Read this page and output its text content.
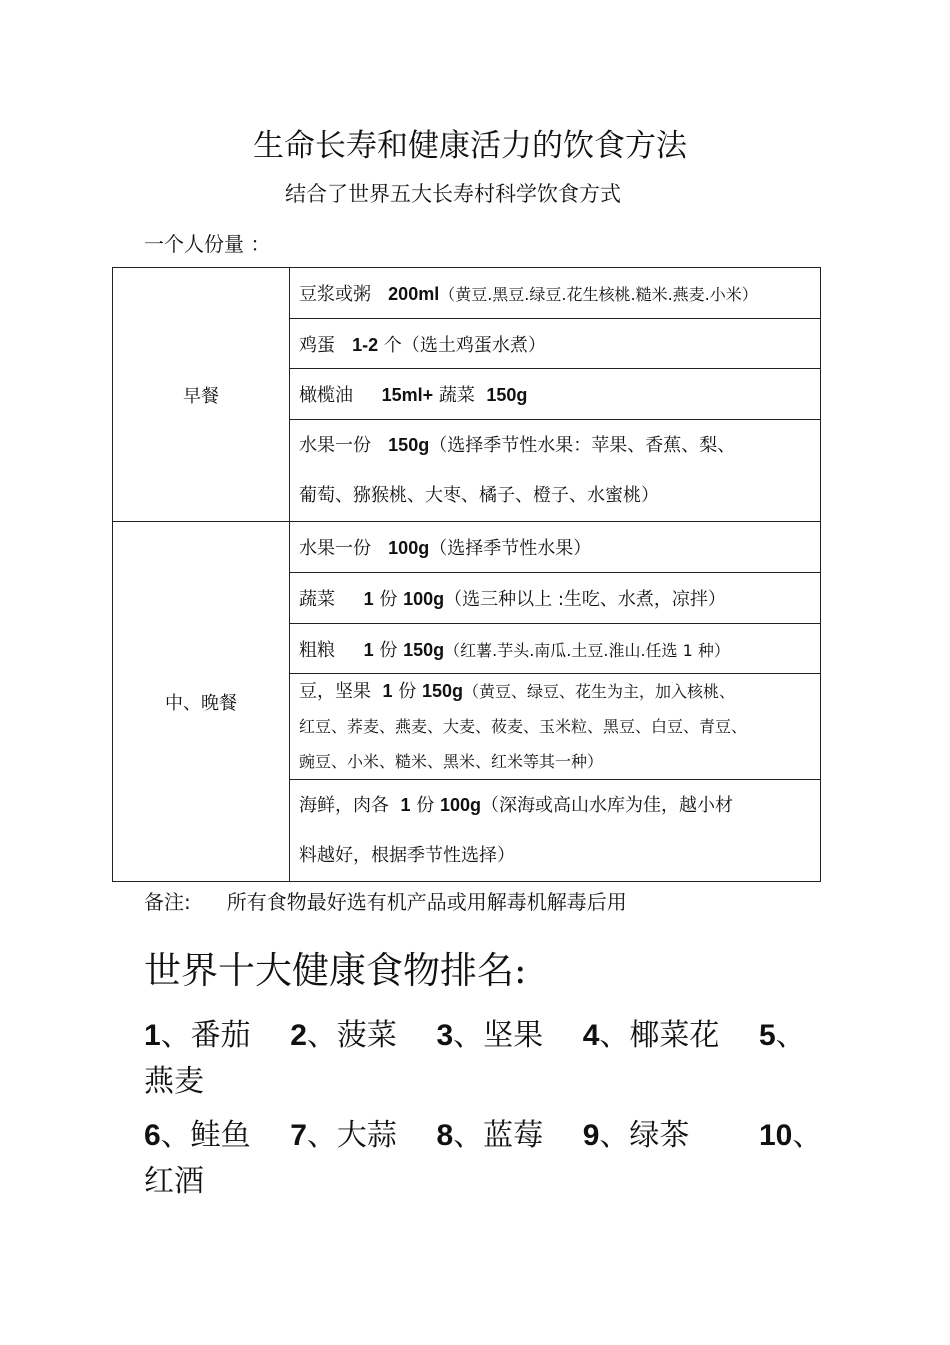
生命长寿和健康活力的饮食方法
结合了世界五大长寿村科学饮食方式
一个人份量 ：
早餐	豆浆或粥 200ml（黄豆.黑豆.绿豆.花生核桃.糙米.燕麦.小米）
	鸡蛋 1-2 个（选土鸡蛋水煮）
	橄榄油 15ml+ 蔬菜 150g
	水果一份 150g（选择季节性水果：苹果、香蕉、梨、
葡萄、猕猴桃、大枣、橘子、橙子、水蜜桃）
中、晚餐	水果一份 100g（选择季节性水果）
	蔬菜 1 份 100g（选三种以上 :生吃、水煮，凉拌）
	粗粮 1 份 150g（红薯.芋头.南瓜.土豆.淮山.任选 1 种）
	豆，坚果 1 份 150g（黄豆、绿豆、花生为主，加入核桃、
红豆、荞麦、燕麦、大麦、莜麦、玉米粒、黑豆、白豆、青豆、
豌豆、小米、糙米、黑米、红米等其一种）
	海鲜，肉各 1 份 100g（深海或高山水库为佳，越小材
料越好，根据季节性选择）
备注: 所有食物最好选有机产品或用解毒机解毒后用
世界十大健康食物排名:
1、番茄 2、菠菜 3、坚果 4、椰菜花 5、
燕麦
6、鲑鱼 7、大蒜 8、蓝莓 9、绿茶 10、
红酒
